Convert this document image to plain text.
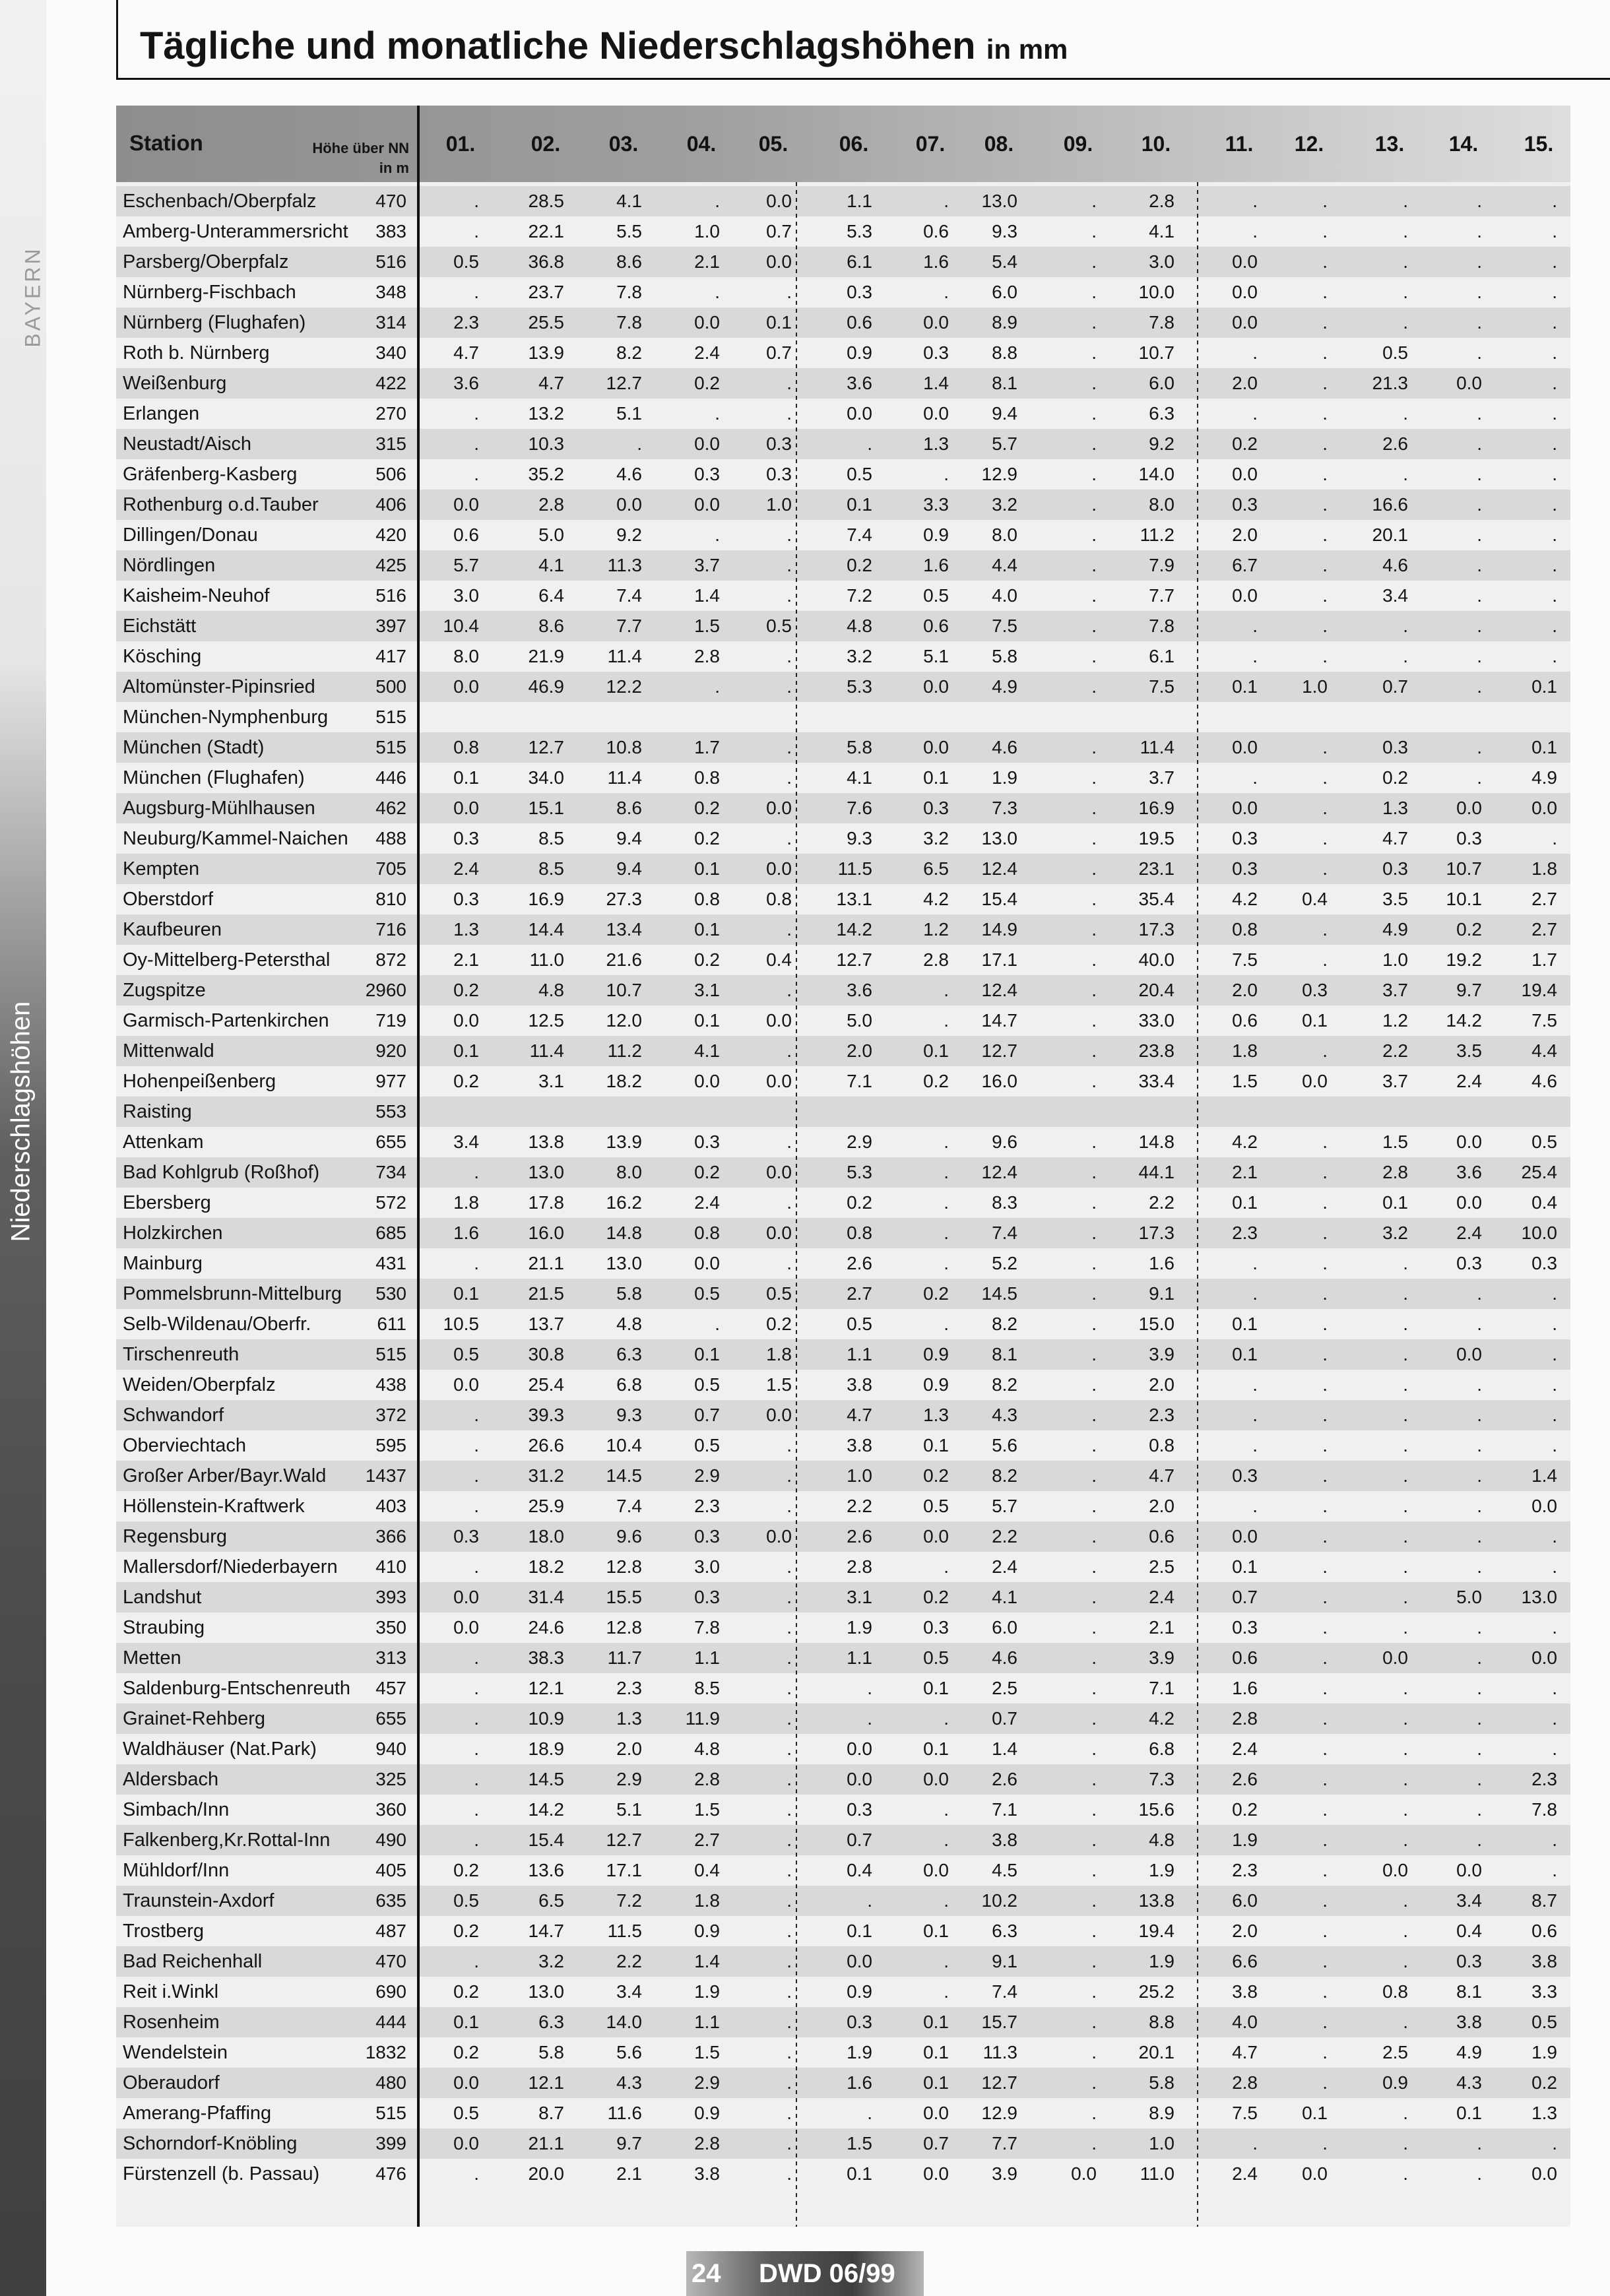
BAYERN
Niederschlagshöhen
Tägliche und monatliche Niederschlagshöhen in mm
Eschenbach/Oberpfalz	470	.	28.5	4.1	.	0.0	1.1	.	13.0	.	2.8	.	.	.	.	.
Amberg-Unterammersricht	383	.	22.1	5.5	1.0	0.7	5.3	0.6	9.3	.	4.1	.	.	.	.	.
Parsberg/Oberpfalz	516	0.5	36.8	8.6	2.1	0.0	6.1	1.6	5.4	.	3.0	0.0	.	.	.	.
Nürnberg-Fischbach	348	.	23.7	7.8	.	.	0.3	.	6.0	.	10.0	0.0	.	.	.	.
Nürnberg (Flughafen)	314	2.3	25.5	7.8	0.0	0.1	0.6	0.0	8.9	.	7.8	0.0	.	.	.	.
Roth b. Nürnberg	340	4.7	13.9	8.2	2.4	0.7	0.9	0.3	8.8	.	10.7	.	.	0.5	.	.
Weißenburg	422	3.6	4.7	12.7	0.2	.	3.6	1.4	8.1	.	6.0	2.0	.	21.3	0.0	.
Erlangen	270	.	13.2	5.1	.	.	0.0	0.0	9.4	.	6.3	.	.	.	.	.
Neustadt/Aisch	315	.	10.3	.	0.0	0.3	.	1.3	5.7	.	9.2	0.2	.	2.6	.	.
Gräfenberg-Kasberg	506	.	35.2	4.6	0.3	0.3	0.5	.	12.9	.	14.0	0.0	.	.	.	.
Rothenburg o.d.Tauber	406	0.0	2.8	0.0	0.0	1.0	0.1	3.3	3.2	.	8.0	0.3	.	16.6	.	.
Dillingen/Donau	420	0.6	5.0	9.2	.	.	7.4	0.9	8.0	.	11.2	2.0	.	20.1	.	.
Nördlingen	425	5.7	4.1	11.3	3.7	.	0.2	1.6	4.4	.	7.9	6.7	.	4.6	.	.
Kaisheim-Neuhof	516	3.0	6.4	7.4	1.4	.	7.2	0.5	4.0	.	7.7	0.0	.	3.4	.	.
Eichstätt	397	10.4	8.6	7.7	1.5	0.5	4.8	0.6	7.5	.	7.8	.	.	.	.	.
Kösching	417	8.0	21.9	11.4	2.8	.	3.2	5.1	5.8	.	6.1	.	.	.	.	.
Altomünster-Pipinsried	500	0.0	46.9	12.2	.	.	5.3	0.0	4.9	.	7.5	0.1	1.0	0.7	.	0.1
München-Nymphenburg	515
München (Stadt)	515	0.8	12.7	10.8	1.7	.	5.8	0.0	4.6	.	11.4	0.0	.	0.3	.	0.1
München (Flughafen)	446	0.1	34.0	11.4	0.8	.	4.1	0.1	1.9	.	3.7	.	.	0.2	.	4.9
Augsburg-Mühlhausen	462	0.0	15.1	8.6	0.2	0.0	7.6	0.3	7.3	.	16.9	0.0	.	1.3	0.0	0.0
Neuburg/Kammel-Naichen	488	0.3	8.5	9.4	0.2	.	9.3	3.2	13.0	.	19.5	0.3	.	4.7	0.3	.
Kempten	705	2.4	8.5	9.4	0.1	0.0	11.5	6.5	12.4	.	23.1	0.3	.	0.3	10.7	1.8
Oberstdorf	810	0.3	16.9	27.3	0.8	0.8	13.1	4.2	15.4	.	35.4	4.2	0.4	3.5	10.1	2.7
Kaufbeuren	716	1.3	14.4	13.4	0.1	.	14.2	1.2	14.9	.	17.3	0.8	.	4.9	0.2	2.7
Oy-Mittelberg-Petersthal	872	2.1	11.0	21.6	0.2	0.4	12.7	2.8	17.1	.	40.0	7.5	.	1.0	19.2	1.7
Zugspitze	2960	0.2	4.8	10.7	3.1	.	3.6	.	12.4	.	20.4	2.0	0.3	3.7	9.7	19.4
Garmisch-Partenkirchen	719	0.0	12.5	12.0	0.1	0.0	5.0	.	14.7	.	33.0	0.6	0.1	1.2	14.2	7.5
Mittenwald	920	0.1	11.4	11.2	4.1	.	2.0	0.1	12.7	.	23.8	1.8	.	2.2	3.5	4.4
Hohenpeißenberg	977	0.2	3.1	18.2	0.0	0.0	7.1	0.2	16.0	.	33.4	1.5	0.0	3.7	2.4	4.6
Raisting	553
Attenkam	655	3.4	13.8	13.9	0.3	.	2.9	.	9.6	.	14.8	4.2	.	1.5	0.0	0.5
Bad Kohlgrub (Roßhof)	734	.	13.0	8.0	0.2	0.0	5.3	.	12.4	.	44.1	2.1	.	2.8	3.6	25.4
Ebersberg	572	1.8	17.8	16.2	2.4	.	0.2	.	8.3	.	2.2	0.1	.	0.1	0.0	0.4
Holzkirchen	685	1.6	16.0	14.8	0.8	0.0	0.8	.	7.4	.	17.3	2.3	.	3.2	2.4	10.0
Mainburg	431	.	21.1	13.0	0.0	.	2.6	.	5.2	.	1.6	.	.	.	0.3	0.3
Pommelsbrunn-Mittelburg	530	0.1	21.5	5.8	0.5	0.5	2.7	0.2	14.5	.	9.1	.	.	.	.	.
Selb-Wildenau/Oberfr.	611	10.5	13.7	4.8	.	0.2	0.5	.	8.2	.	15.0	0.1	.	.	.	.
Tirschenreuth	515	0.5	30.8	6.3	0.1	1.8	1.1	0.9	8.1	.	3.9	0.1	.	.	0.0	.
Weiden/Oberpfalz	438	0.0	25.4	6.8	0.5	1.5	3.8	0.9	8.2	.	2.0	.	.	.	.	.
Schwandorf	372	.	39.3	9.3	0.7	0.0	4.7	1.3	4.3	.	2.3	.	.	.	.	.
Oberviechtach	595	.	26.6	10.4	0.5	.	3.8	0.1	5.6	.	0.8	.	.	.	.	.
Großer Arber/Bayr.Wald	1437	.	31.2	14.5	2.9	.	1.0	0.2	8.2	.	4.7	0.3	.	.	.	1.4
Höllenstein-Kraftwerk	403	.	25.9	7.4	2.3	.	2.2	0.5	5.7	.	2.0	.	.	.	.	0.0
Regensburg	366	0.3	18.0	9.6	0.3	0.0	2.6	0.0	2.2	.	0.6	0.0	.	.	.	.
Mallersdorf/Niederbayern	410	.	18.2	12.8	3.0	.	2.8	.	2.4	.	2.5	0.1	.	.	.	.
Landshut	393	0.0	31.4	15.5	0.3	.	3.1	0.2	4.1	.	2.4	0.7	.	.	5.0	13.0
Straubing	350	0.0	24.6	12.8	7.8	.	1.9	0.3	6.0	.	2.1	0.3	.	.	.	.
Metten	313	.	38.3	11.7	1.1	.	1.1	0.5	4.6	.	3.9	0.6	.	0.0	.	0.0
Saldenburg-Entschenreuth	457	.	12.1	2.3	8.5	.	.	0.1	2.5	.	7.1	1.6	.	.	.	.
Grainet-Rehberg	655	.	10.9	1.3	11.9	.	.	.	0.7	.	4.2	2.8	.	.	.	.
Waldhäuser (Nat.Park)	940	.	18.9	2.0	4.8	.	0.0	0.1	1.4	.	6.8	2.4	.	.	.	.
Aldersbach	325	.	14.5	2.9	2.8	.	0.0	0.0	2.6	.	7.3	2.6	.	.	.	2.3
Simbach/Inn	360	.	14.2	5.1	1.5	.	0.3	.	7.1	.	15.6	0.2	.	.	.	7.8
Falkenberg,Kr.Rottal-Inn	490	.	15.4	12.7	2.7	.	0.7	.	3.8	.	4.8	1.9	.	.	.	.
Mühldorf/Inn	405	0.2	13.6	17.1	0.4	.	0.4	0.0	4.5	.	1.9	2.3	.	0.0	0.0	.
Traunstein-Axdorf	635	0.5	6.5	7.2	1.8	.	.	.	10.2	.	13.8	6.0	.	.	3.4	8.7
Trostberg	487	0.2	14.7	11.5	0.9	.	0.1	0.1	6.3	.	19.4	2.0	.	.	0.4	0.6
Bad Reichenhall	470	.	3.2	2.2	1.4	.	0.0	.	9.1	.	1.9	6.6	.	.	0.3	3.8
Reit i.Winkl	690	0.2	13.0	3.4	1.9	.	0.9	.	7.4	.	25.2	3.8	.	0.8	8.1	3.3
Rosenheim	444	0.1	6.3	14.0	1.1	.	0.3	0.1	15.7	.	8.8	4.0	.	.	3.8	0.5
Wendelstein	1832	0.2	5.8	5.6	1.5	.	1.9	0.1	11.3	.	20.1	4.7	.	2.5	4.9	1.9
Oberaudorf	480	0.0	12.1	4.3	2.9	.	1.6	0.1	12.7	.	5.8	2.8	.	0.9	4.3	0.2
Amerang-Pfaffing	515	0.5	8.7	11.6	0.9	.	.	0.0	12.9	.	8.9	7.5	0.1	.	0.1	1.3
Schorndorf-Knöbling	399	0.0	21.1	9.7	2.8	.	1.5	0.7	7.7	.	1.0	.	.	.	.	.
Fürstenzell (b. Passau)	476	.	20.0	2.1	3.8	.	0.1	0.0	3.9	0.0	11.0	2.4	0.0	.	.	0.0
Station	Höhe über NN
in m
01.	02.	03.	04.	05.	06.	07.	08.	09.	10.	11.	12.	13.	14.	15.
24 DWD 06/99
